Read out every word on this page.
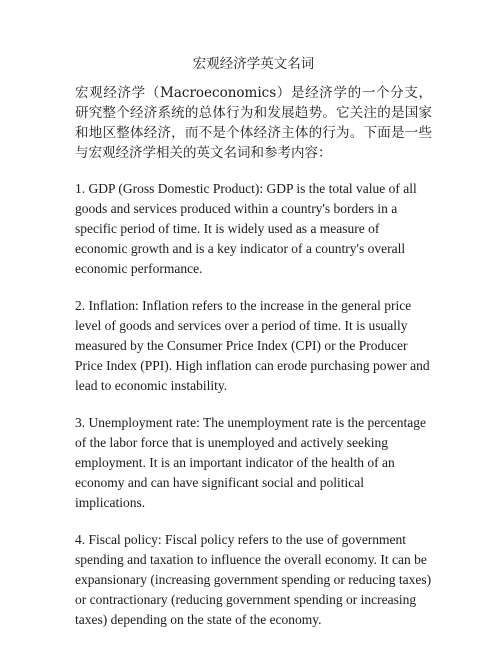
宏观经济学英文名词

宏观经济学（Macroeconomics）是经济学的一个分支，研究整个经济系统的总体行为和发展趋势。它关注的是国家和地区整体经济，而不是个体经济主体的行为。下面是一些与宏观经济学相关的英文名词和参考内容：

1. GDP (Gross Domestic Product): GDP is the total value of all goods and services produced within a country's borders in a specific period of time. It is widely used as a measure of economic growth and is a key indicator of a country's overall economic performance.

2. Inflation: Inflation refers to the increase in the general price level of goods and services over a period of time. It is usually measured by the Consumer Price Index (CPI) or the Producer Price Index (PPI). High inflation can erode purchasing power and lead to economic instability.

3. Unemployment rate: The unemployment rate is the percentage of the labor force that is unemployed and actively seeking employment. It is an important indicator of the health of an economy and can have significant social and political implications.

4. Fiscal policy: Fiscal policy refers to the use of government spending and taxation to influence the overall economy. It can be expansionary (increasing government spending or reducing taxes) or contractionary (reducing government spending or increasing taxes) depending on the state of the economy.
